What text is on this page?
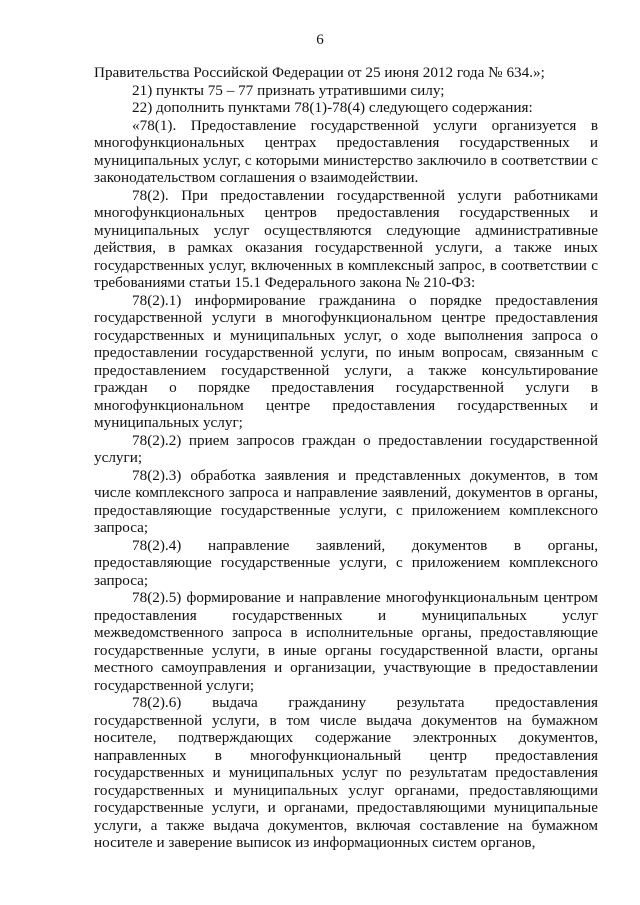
6

Правительства Российской Федерации от 25 июня 2012 года № 634.»;

21) пункты 75 – 77 признать утратившими силу;

22) дополнить пунктами 78(1)-78(4) следующего содержания:

«78(1). Предоставление государственной услуги организуется в многофункциональных центрах предоставления государственных и муниципальных услуг, с которыми министерство заключило в соответствии с законодательством соглашения о взаимодействии.

78(2). При предоставлении государственной услуги работниками многофункциональных центров предоставления государственных и муниципальных услуг осуществляются следующие административные действия, в рамках оказания государственной услуги, а также иных государственных услуг, включенных в комплексный запрос, в соответствии с требованиями статьи 15.1 Федерального закона № 210-ФЗ:

78(2).1) информирование гражданина о порядке предоставления государственной услуги в многофункциональном центре предоставления государственных и муниципальных услуг, о ходе выполнения запроса о предоставлении государственной услуги, по иным вопросам, связанным с предоставлением государственной услуги, а также консультирование граждан о порядке предоставления государственной услуги в многофункциональном центре предоставления государственных и муниципальных услуг;

78(2).2) прием запросов граждан о предоставлении государственной услуги;

78(2).3) обработка заявления и представленных документов, в том числе комплексного запроса и направление заявлений, документов в органы, предоставляющие государственные услуги, с приложением комплексного запроса;

78(2).4) направление заявлений, документов в органы, предоставляющие государственные услуги, с приложением комплексного запроса;

78(2).5) формирование и направление многофункциональным центром предоставления государственных и муниципальных услуг межведомственного запроса в исполнительные органы, предоставляющие государственные услуги, в иные органы государственной власти, органы местного самоуправления и организации, участвующие в предоставлении государственной услуги;

78(2).6) выдача гражданину результата предоставления государственной услуги, в том числе выдача документов на бумажном носителе, подтверждающих содержание электронных документов, направленных в многофункциональный центр предоставления государственных и муниципальных услуг по результатам предоставления государственных и муниципальных услуг органами, предоставляющими государственные услуги, и органами, предоставляющими муниципальные услуги, а также выдача документов, включая составление на бумажном носителе и заверение выписок из информационных систем органов,
